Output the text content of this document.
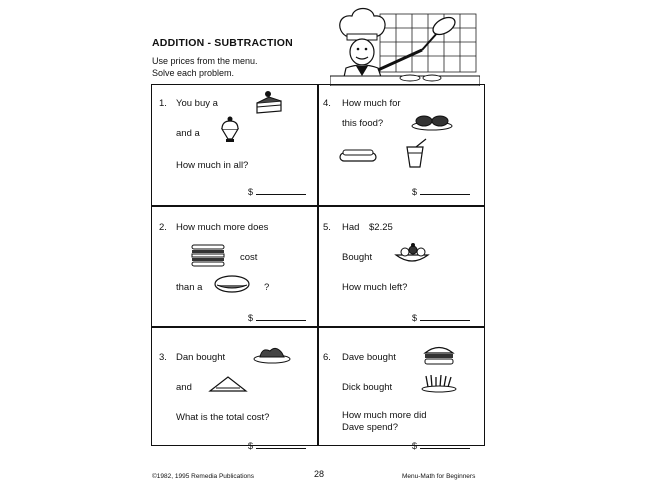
ADDITION - SUBTRACTION
Use prices from the menu.
Solve each problem.
1. You buy a
and a
How much in all?
$
2. How much more does
cost
than a	?
$
3. Dan bought
and
What is the total cost?
$
4. How much for
this food?
$
5. Had $2.25
Bought
How much left?
$
6. Dave bought
Dick bought
How much more did
Dave spend?
$
©1982, 1995 Remedia Publications	28	Menu-Math for Beginners
